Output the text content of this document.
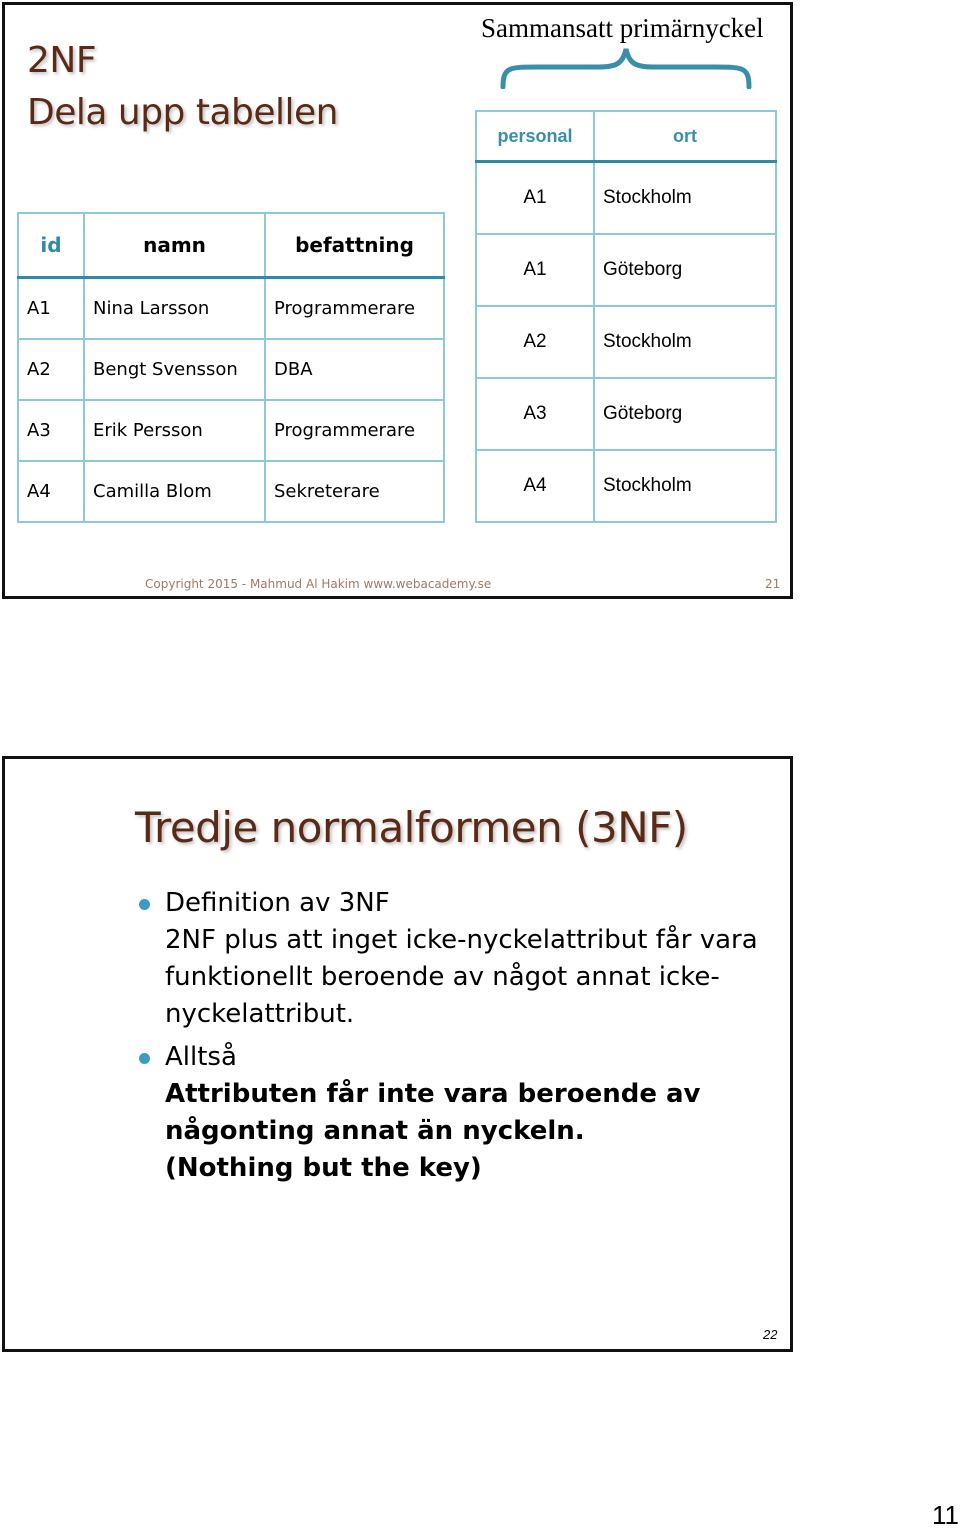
2NF
Dela upp tabellen
Sammansatt primärnyckel
id	namn	befattning
A1	Nina Larsson	Programmerare
A2	Bengt Svensson	DBA
A3	Erik Persson	Programmerare
A4	Camilla Blom	Sekreterare
personal	ort
A1	Stockholm
A1	Göteborg
A2	Stockholm
A3	Göteborg
A4	Stockholm
Copyright 2015 - Mahmud Al Hakim www.webacademy.se	21
Tredje normalformen (3NF)
Definition av 3NF
2NF plus att inget icke-nyckelattribut får vara
funktionellt beroende av något annat icke-
nyckelattribut.
Alltså
Attributen får inte vara beroende av
någonting annat än nyckeln.
(Nothing but the key)
22
11
